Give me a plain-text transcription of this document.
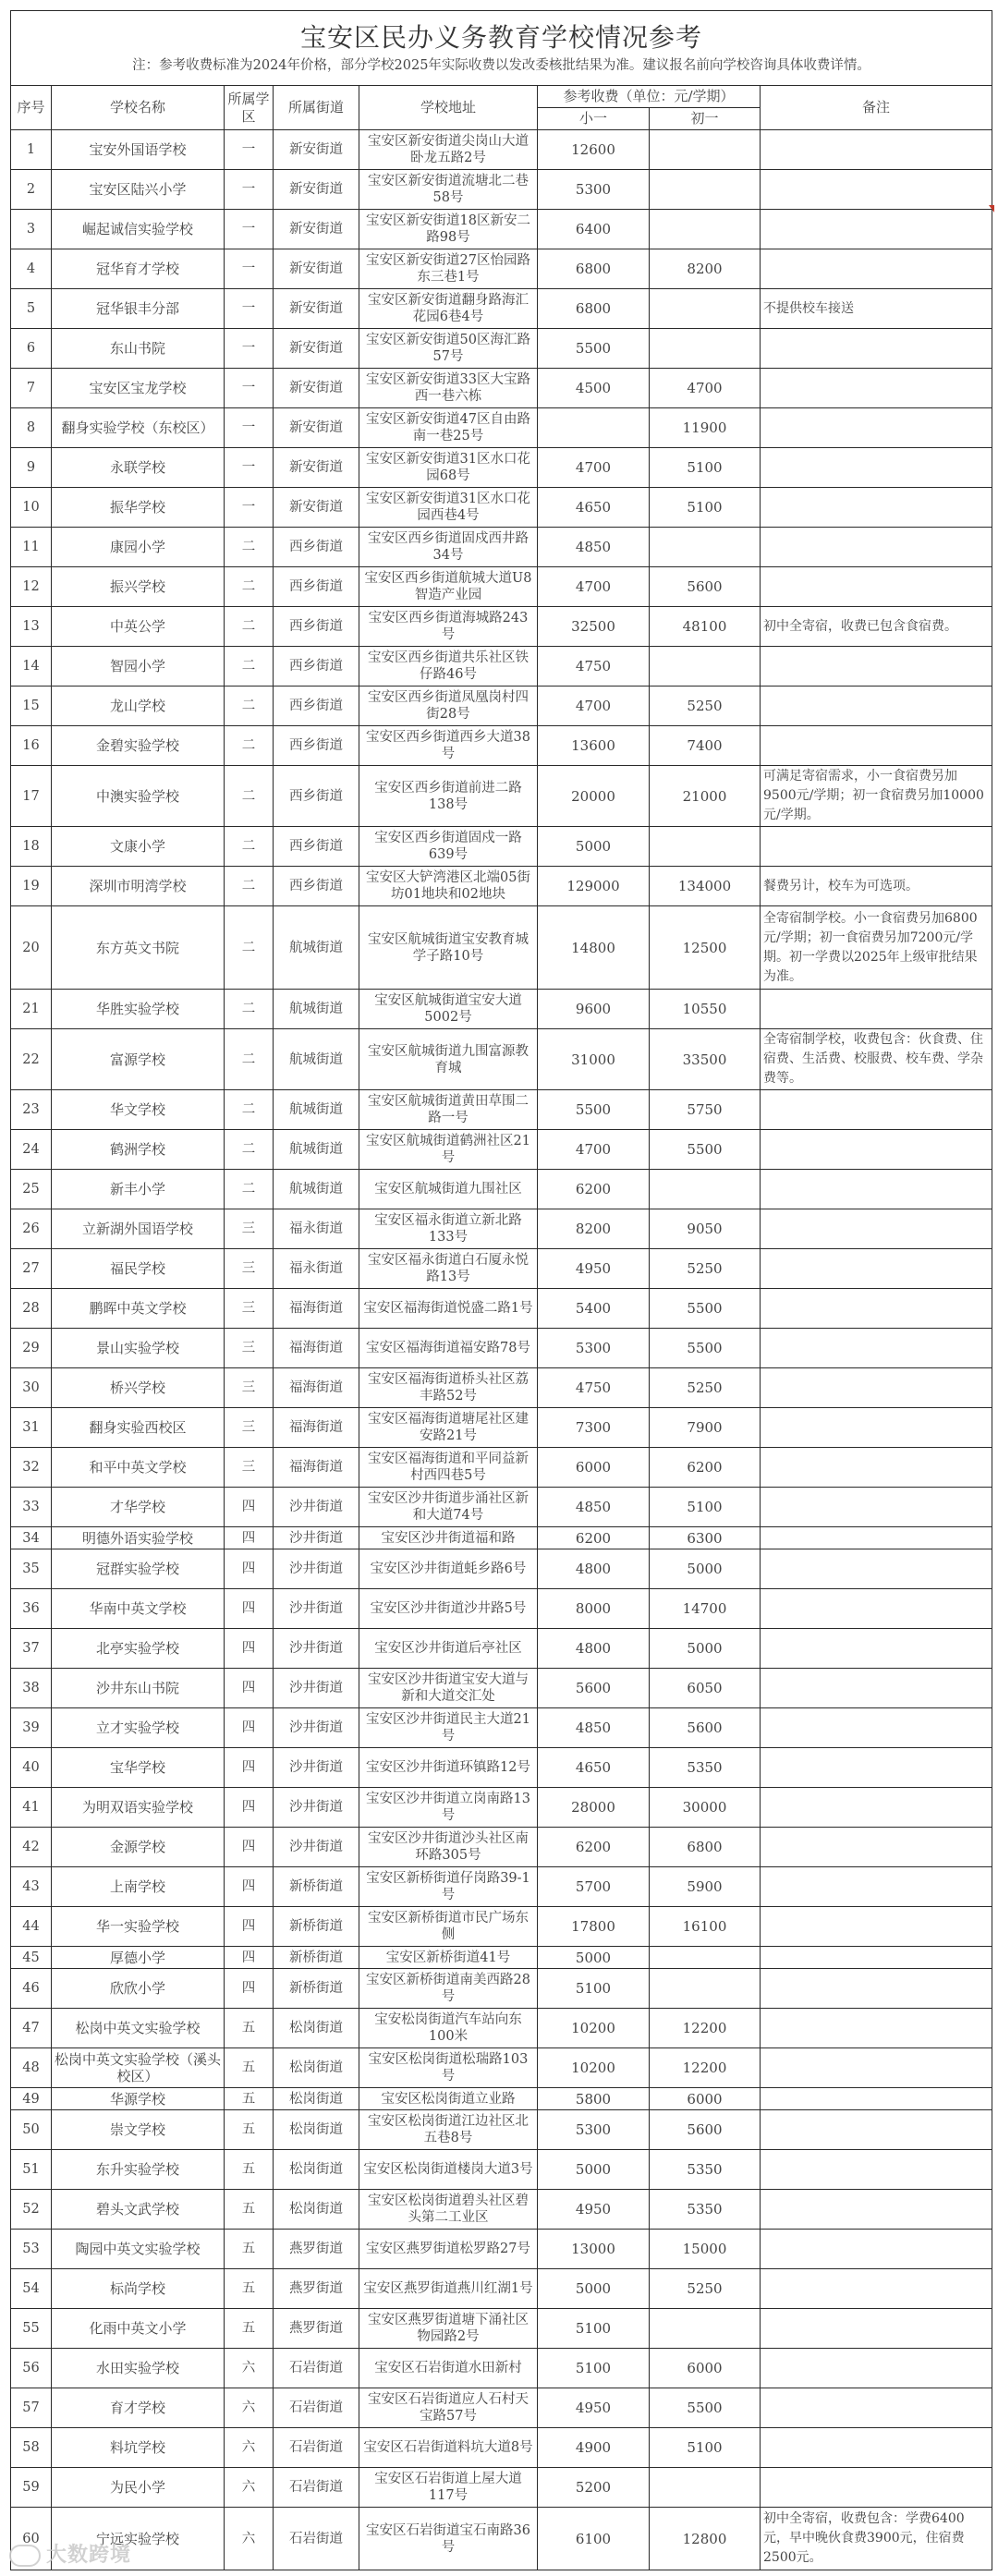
宝安区民办义务教育学校情况参考
注：参考收费标准为2024年价格，部分学校2025年实际收费以发改委核批结果为准。建议报名前向学校咨询具体收费详情。							

序号	学校名称	所属学区	所属街道	学校地址	参考收费（单位：元/学期）		备注
					小一	初一	
1	宝安外国语学校	一	新安街道	宝安区新安街道尖岗山大道卧龙五路2号	12600		
2	宝安区陆兴小学	一	新安街道	宝安区新安街道流塘北二巷58号	5300		
3	崛起诚信实验学校	一	新安街道	宝安区新安街道18区新安二路98号	6400		
4	冠华育才学校	一	新安街道	宝安区新安街道27区怡园路东三巷1号	6800	8200	
5	冠华银丰分部	一	新安街道	宝安区新安街道翻身路海汇花园6巷4号	6800		不提供校车接送
6	东山书院	一	新安街道	宝安区新安街道50区海汇路57号	5500		
7	宝安区宝龙学校	一	新安街道	宝安区新安街道33区大宝路西一巷六栋	4500	4700	
8	翻身实验学校（东校区）	一	新安街道	宝安区新安街道47区自由路南一巷25号		11900	
9	永联学校	一	新安街道	宝安区新安街道31区水口花园68号	4700	5100	
10	振华学校	一	新安街道	宝安区新安街道31区水口花园西巷4号	4650	5100	
11	康园小学	二	西乡街道	宝安区西乡街道固戍西井路34号	4850		
12	振兴学校	二	西乡街道	宝安区西乡街道航城大道U8智造产业园	4700	5600	
13	中英公学	二	西乡街道	宝安区西乡街道海城路243号	32500	48100	初中全寄宿，收费已包含食宿费。
14	智园小学	二	西乡街道	宝安区西乡街道共乐社区铁仔路46号	4750		
15	龙山学校	二	西乡街道	宝安区西乡街道凤凰岗村四街28号	4700	5250	
16	金碧实验学校	二	西乡街道	宝安区西乡街道西乡大道38号	13600	7400	
17	中澳实验学校	二	西乡街道	宝安区西乡街道前进二路138号	20000	21000	可满足寄宿需求，小一食宿费另加9500元/学期；初一食宿费另加10000元/学期。
18	文康小学	二	西乡街道	宝安区西乡街道固戍一路639号	5000		
19	深圳市明湾学校	二	西乡街道	宝安区大铲湾港区北端05街坊01地块和02地块	129000	134000	餐费另计，校车为可选项。
20	东方英文书院	二	航城街道	宝安区航城街道宝安教育城学子路10号	14800	12500	全寄宿制学校。小一食宿费另加6800元/学期；初一食宿费另加7200元/学期。初一学费以2025年上级审批结果为准。
21	华胜实验学校	二	航城街道	宝安区航城街道宝安大道5002号	9600	10550	
22	富源学校	二	航城街道	宝安区航城街道九围富源教育城	31000	33500	全寄宿制学校，收费包含：伙食费、住宿费、生活费、校服费、校车费、学杂费等。
23	华文学校	二	航城街道	宝安区航城街道黄田草围二路一号	5500	5750	
24	鹤洲学校	二	航城街道	宝安区航城街道鹤洲社区21号	4700	5500	
25	新丰小学	二	航城街道	宝安区航城街道九围社区	6200		
26	立新湖外国语学校	三	福永街道	宝安区福永街道立新北路133号	8200	9050	
27	福民学校	三	福永街道	宝安区福永街道白石厦永悦路13号	4950	5250	
28	鹏晖中英文学校	三	福海街道	宝安区福海街道悦盛二路1号	5400	5500	
29	景山实验学校	三	福海街道	宝安区福海街道福安路78号	5300	5500	
30	桥兴学校	三	福海街道	宝安区福海街道桥头社区荔丰路52号	4750	5250	
31	翻身实验西校区	三	福海街道	宝安区福海街道塘尾社区建安路21号	7300	7900	
32	和平中英文学校	三	福海街道	宝安区福海街道和平同益新村西四巷5号	6000	6200	
33	才华学校	四	沙井街道	宝安区沙井街道步涌社区新和大道74号	4850	5100	
34	明德外语实验学校	四	沙井街道	宝安区沙井街道福和路	6200	6300	
35	冠群实验学校	四	沙井街道	宝安区沙井街道蚝乡路6号	4800	5000	
36	华南中英文学校	四	沙井街道	宝安区沙井街道沙井路5号	8000	14700	
37	北亭实验学校	四	沙井街道	宝安区沙井街道后亭社区	4800	5000	
38	沙井东山书院	四	沙井街道	宝安区沙井街道宝安大道与新和大道交汇处	5600	6050	
39	立才实验学校	四	沙井街道	宝安区沙井街道民主大道21号	4850	5600	
40	宝华学校	四	沙井街道	宝安区沙井街道环镇路12号	4650	5350	
41	为明双语实验学校	四	沙井街道	宝安区沙井街道立岗南路13号	28000	30000	
42	金源学校	四	沙井街道	宝安区沙井街道沙头社区南环路305号	6200	6800	
43	上南学校	四	新桥街道	宝安区新桥街道仔岗路39-1号	5700	5900	
44	华一实验学校	四	新桥街道	宝安区新桥街道市民广场东侧	17800	16100	
45	厚德小学	四	新桥街道	宝安区新桥街道41号	5000		
46	欣欣小学	四	新桥街道	宝安区新桥街道南美西路28号	5100		
47	松岗中英文实验学校	五	松岗街道	宝安松岗街道汽车站向东100米	10200	12200	
48	松岗中英文实验学校（溪头校区）	五	松岗街道	宝安区松岗街道松瑞路103号	10200	12200	
49	华源学校	五	松岗街道	宝安区松岗街道立业路	5800	6000	
50	崇文学校	五	松岗街道	宝安区松岗街道江边社区北五巷8号	5300	5600	
51	东升实验学校	五	松岗街道	宝安区松岗街道楼岗大道3号	5000	5350	
52	碧头文武学校	五	松岗街道	宝安区松岗街道碧头社区碧头第二工业区	4950	5350	
53	陶园中英文实验学校	五	燕罗街道	宝安区燕罗街道松罗路27号	13000	15000	
54	标尚学校	五	燕罗街道	宝安区燕罗街道燕川红湖1号	5000	5250	
55	化雨中英文小学	五	燕罗街道	宝安区燕罗街道塘下涌社区物园路2号	5100		
56	水田实验学校	六	石岩街道	宝安区石岩街道水田新村	5100	6000	
57	育才学校	六	石岩街道	宝安区石岩街道应人石村天宝路57号	4950	5500	
58	料坑学校	六	石岩街道	宝安区石岩街道料坑大道8号	4900	5100	
59	为民小学	六	石岩街道	宝安区石岩街道上屋大道117号	5200		
60	宁远实验学校	六	石岩街道	宝安区石岩街道宝石南路36号	6100	12800	初中全寄宿，收费包含：学费6400元，早中晚伙食费3900元，住宿费2500元。
大数跨境
